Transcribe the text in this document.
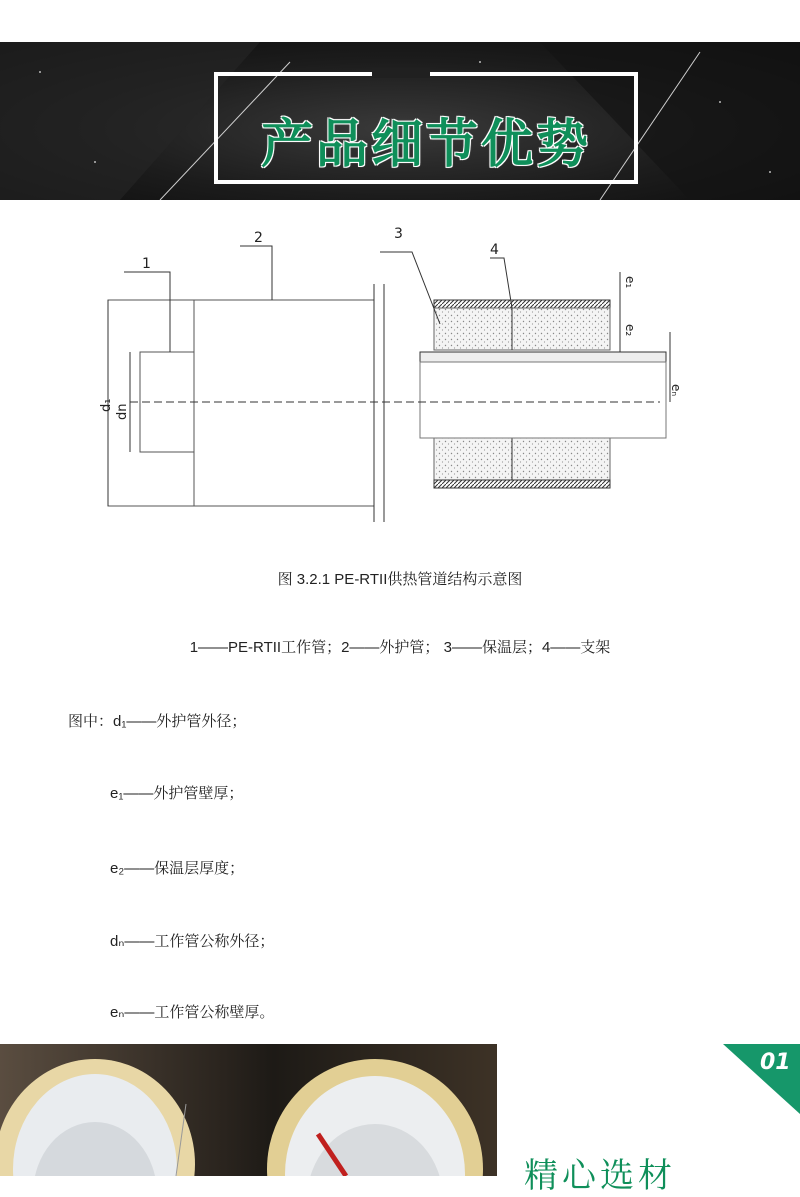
产品细节优势
1
2	3
4
d₁ dn
e₁
e₂
eₙ
图 3.2.1 PE-RTII供热管道结构示意图
1——PE-RTII工作管；2——外护管； 3——保温层；4——支架
图中：d₁——外护管外径；
e₁——外护管壁厚；
e₂——保温层厚度；
dₙ——工作管公称外径；
eₙ——工作管公称壁厚。
01
精心选材
